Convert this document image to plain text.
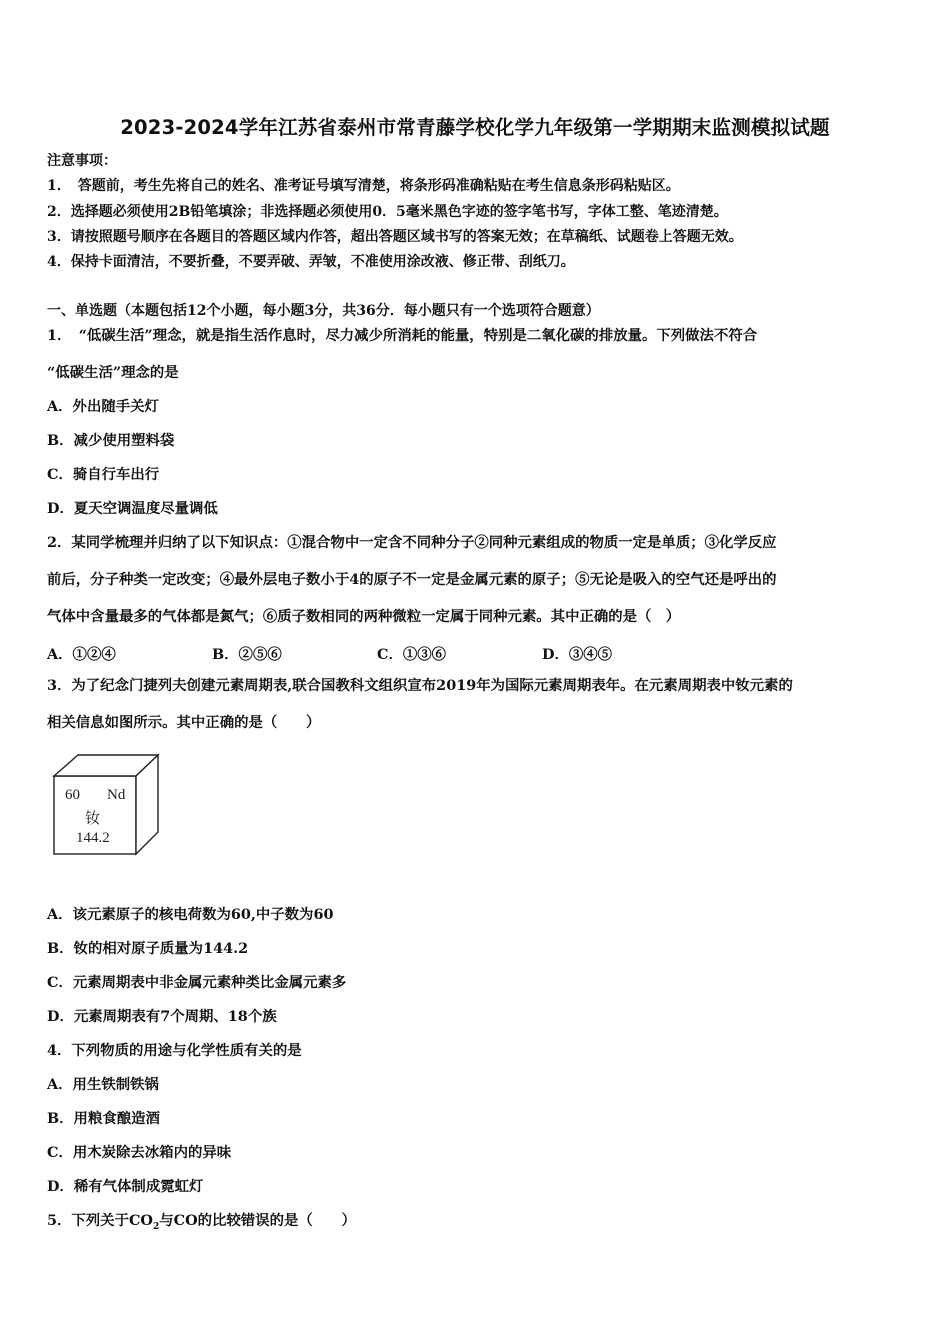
2023-2024学年江苏省泰州市常青藤学校化学九年级第一学期期末监测模拟试题
注意事项：
1．　答题前，考生先将自己的姓名、准考证号填写清楚，将条形码准确粘贴在考生信息条形码粘贴区。
2．选择题必须使用2B铅笔填涂；非选择题必须使用0．5毫米黑色字迹的签字笔书写，字体工整、笔迹清楚。
3．请按照题号顺序在各题目的答题区域内作答，超出答题区域书写的答案无效；在草稿纸、试题卷上答题无效。
4．保持卡面清洁，不要折叠，不要弄破、弄皱，不准使用涂改液、修正带、刮纸刀。
一、单选题（本题包括12个小题，每小题3分，共36分．每小题只有一个选项符合题意）
1．　“低碳生活”理念，就是指生活作息时，尽力减少所消耗的能量，特别是二氧化碳的排放量。下列做法不符合
“低碳生活”理念的是
A．外出随手关灯
B．减少使用塑料袋
C．骑自行车出行
D．夏天空调温度尽量调低
2．某同学梳理并归纳了以下知识点：①混合物中一定含不同种分子②同种元素组成的物质一定是单质；③化学反应
前后，分子种类一定改变；④最外层电子数小于4的原子不一定是金属元素的原子；⑤无论是吸入的空气还是呼出的
气体中含量最多的气体都是氮气；⑥质子数相同的两种微粒一定属于同种元素。其中正确的是（　）
A．①②④	B．②⑤⑥	C．①③⑥	D．③④⑤
3．为了纪念门捷列夫创建元素周期表,联合国教科文组织宣布2019年为国际元素周期表年。在元素周期表中钕元素的
相关信息如图所示。其中正确的是（　　）
60 Nd
钕
144.2
A．该元素原子的核电荷数为60,中子数为60
B．钕的相对原子质量为144.2
C．元素周期表中非金属元素种类比金属元素多
D．元素周期表有7个周期、18个族
4．下列物质的用途与化学性质有关的是
A．用生铁制铁锅
B．用粮食酿造酒
C．用木炭除去冰箱内的异味
D．稀有气体制成霓虹灯
5．下列关于$CO_2$与CO的比较错误的是（　　）
